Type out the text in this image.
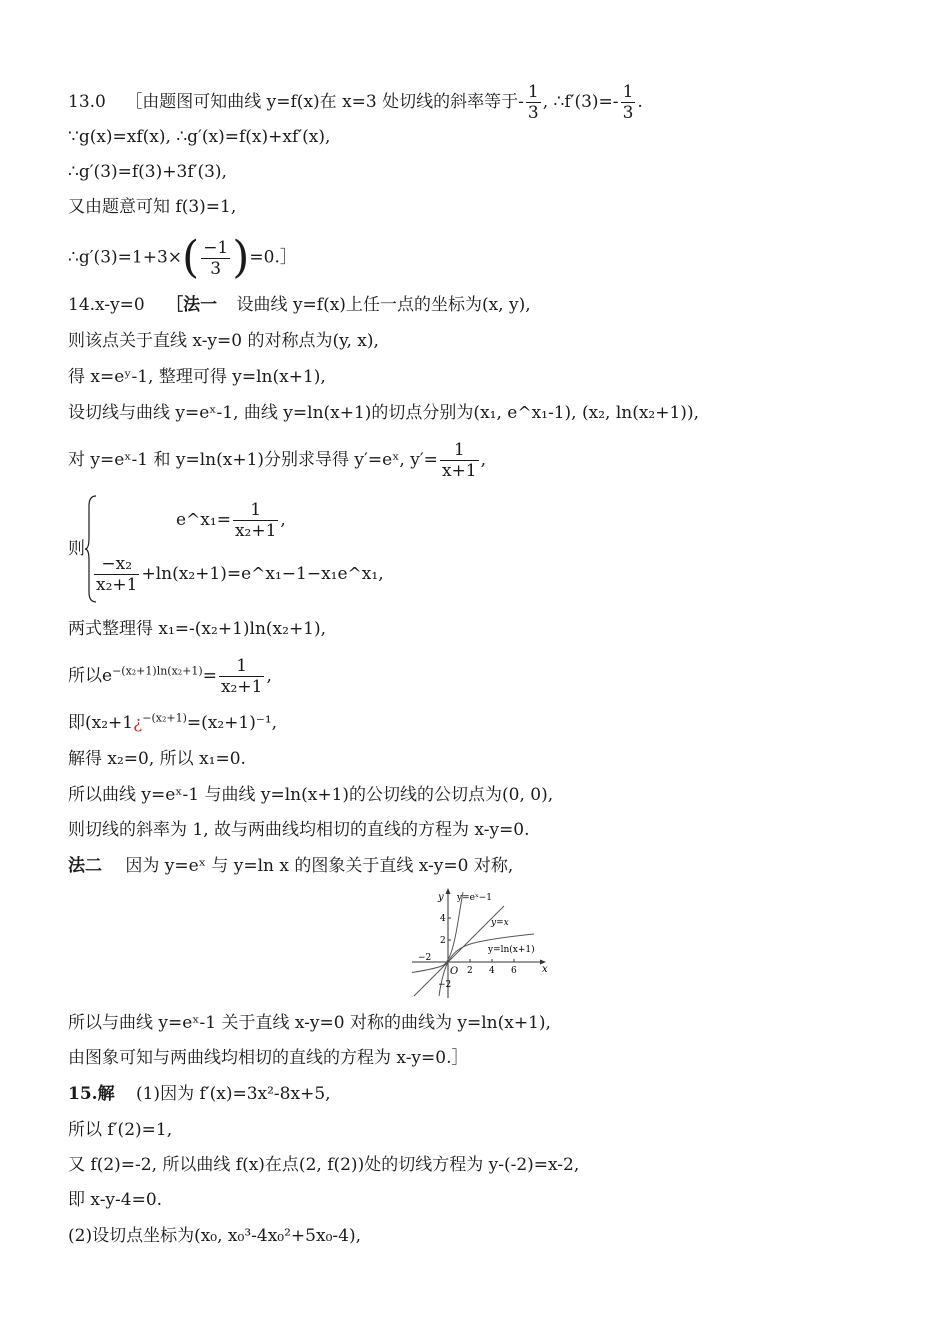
13.0 ［由题图可知曲线 y=f(x)在 x=3 处切线的斜率等于- $\frac{1}{3}$ , ∴f′(3)=- $\frac{1}{3}$ .
∵g(x)=xf(x), ∴g′(x)=f(x)+xf′(x),
∴g′(3)=f(3)+3f′(3),
又由题意可知 f(3)=1,
∴g′(3)=1+3×( $\frac{-1}{3}$ )=0.］
14.x-y=0 ［法一 设曲线 y=f(x)上任一点的坐标为(x, y),
则该点关于直线 x-y=0 的对称点为(y, x),
得 x=eʸ-1, 整理可得 y=ln(x+1),
设切线与曲线 y=eˣ-1, 曲线 y=ln(x+1)的切点分别为(x₁, e^x₁-1), (x₂, ln(x₂+1)),
对 y=eˣ-1 和 y=ln(x+1)分别求导得 y′=eˣ, $y'= \frac{1}{x+1}$ ,
则
e^x₁= $\frac{1}{\text{x₂+1}}$ ,
$\frac{\text{−x₂}}{\text{x₂+1}}$ +ln(x₂+1)=e^x₁−1−x₁e^x₁,
两式整理得 x₁=-(x₂+1)ln(x₂+1),
所以$e^{-(x_2+1)ln(x_2+1)}= \frac{1}{\text{x₂+1}}$ ,
即(x₂+1¿$^{-(x_2+1)}$=(x₂+1)⁻¹,
解得 x₂=0, 所以 x₁=0.
所以曲线 y=eˣ-1 与曲线 y=ln(x+1)的公切线的公切点为(0, 0),
则切线的斜率为 1, 故与两曲线均相切的直线的方程为 x-y=0.
法二 因为 y=eˣ 与 y=ln x 的图象关于直线 x-y=0 对称,
y
x
O
y=eˣ−1
y=x
y=ln(x+1)
4
2
−2
−2
2 4 6
所以与曲线 y=eˣ-1 关于直线 x-y=0 对称的曲线为 y=ln(x+1),
由图象可知与两曲线均相切的直线的方程为 x-y=0.］
15.解 (1)因为 f′(x)=3x²-8x+5,
所以 f′(2)=1,
又 f(2)=-2, 所以曲线 f(x)在点(2, f(2))处的切线方程为 y-(-2)=x-2,
即 x-y-4=0.
(2)设切点坐标为(x₀, x₀³-4x₀²+5x₀-4),
